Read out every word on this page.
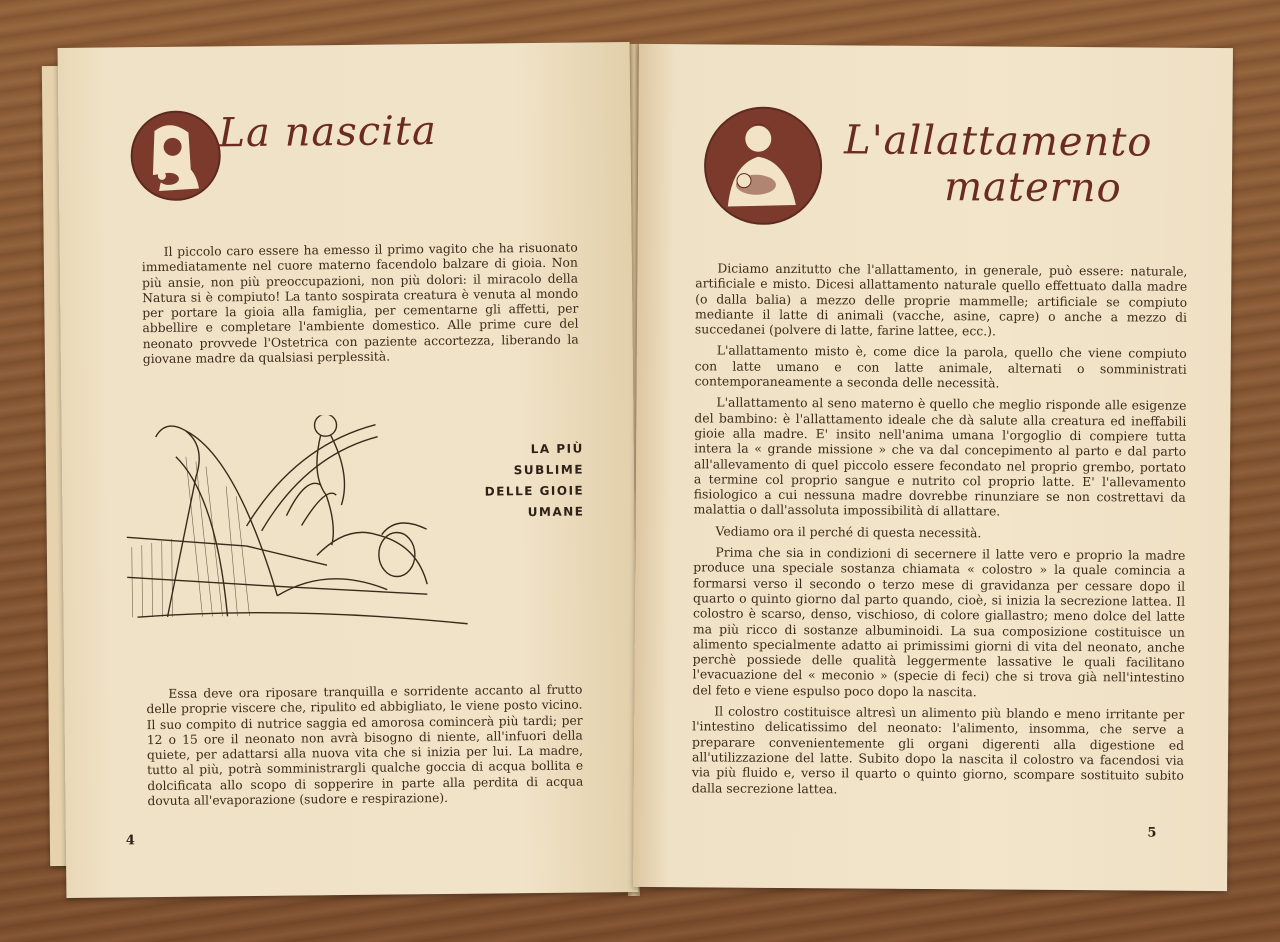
La nascita

Il piccolo caro essere ha emesso il primo vagito che ha risuonato immediatamente nel cuore materno facendolo balzare di gioia. Non più ansie, non più preoccupazioni, non più dolori: il miracolo della Natura si è compiuto! La tanto sospirata creatura è venuta al mondo per portare la gioia alla famiglia, per cementarne gli affetti, per abbellire e completare l'ambiente domestico. Alle prime cure del neonato provvede l'Ostetrica con paziente accortezza, liberando la giovane madre da qualsiasi perplessità.

LA PIÙ SUBLIME
DELLE GIOIE
UMANE

Essa deve ora riposare tranquilla e sorridente accanto al frutto delle proprie viscere che, ripulito ed abbigliato, le viene posto vicino. Il suo compito di nutrice saggia ed amorosa comincerà più tardi; per 12 o 15 ore il neonato non avrà bisogno di niente, all'infuori della quiete, per adattarsi alla nuova vita che si inizia per lui. La madre, tutto al più, potrà somministrargli qualche goccia di acqua bollita e dolcificata allo scopo di sopperire in parte alla perdita di acqua dovuta all'evaporazione (sudore e respirazione).

4
L'allattamento
materno

Diciamo anzitutto che l'allattamento, in generale, può essere: naturale, artificiale e misto. Dicesi allattamento naturale quello effettuato dalla madre (o dalla balia) a mezzo delle proprie mammelle; artificiale se compiuto mediante il latte di animali (vacche, asine, capre) o anche a mezzo di succedanei (polvere di latte, farine lattee, ecc.).

L'allattamento misto è, come dice la parola, quello che viene compiuto con latte umano e con latte animale, alternati o somministrati contemporaneamente a seconda delle necessità.

L'allattamento al seno materno è quello che meglio risponde alle esigenze del bambino: è l'allattamento ideale che dà salute alla creatura ed ineffabili gioie alla madre. E' insito nell'anima umana l'orgoglio di compiere tutta intera la « grande missione » che va dal concepimento al parto e dal parto all'allevamento di quel piccolo essere fecondato nel proprio grembo, portato a termine col proprio sangue e nutrito col proprio latte. E' l'allevamento fisiologico a cui nessuna madre dovrebbe rinunziare se non costrettavi da malattia o dall'assoluta impossibilità di allattare.

Vediamo ora il perché di questa necessità.

Prima che sia in condizioni di secernere il latte vero e proprio la madre produce una speciale sostanza chiamata « colostro » la quale comincia a formarsi verso il secondo o terzo mese di gravidanza per cessare dopo il quarto o quinto giorno dal parto quando, cioè, si inizia la secrezione lattea. Il colostro è scarso, denso, vischioso, di colore giallastro; meno dolce del latte ma più ricco di sostanze albuminoidi. La sua composizione costituisce un alimento specialmente adatto ai primissimi giorni di vita del neonato, anche perchè possiede delle qualità leggermente lassative le quali facilitano l'evacuazione del « meconio » (specie di feci) che si trova già nell'intestino del feto e viene espulso poco dopo la nascita.

Il colostro costituisce altresì un alimento più blando e meno irritante per l'intestino delicatissimo del neonato: l'alimento, insomma, che serve a preparare convenientemente gli organi digerenti alla digestione ed all'utilizzazione del latte. Subito dopo la nascita il colostro va facendosi via via più fluido e, verso il quarto o quinto giorno, scompare sostituito subito dalla secrezione lattea.

5
